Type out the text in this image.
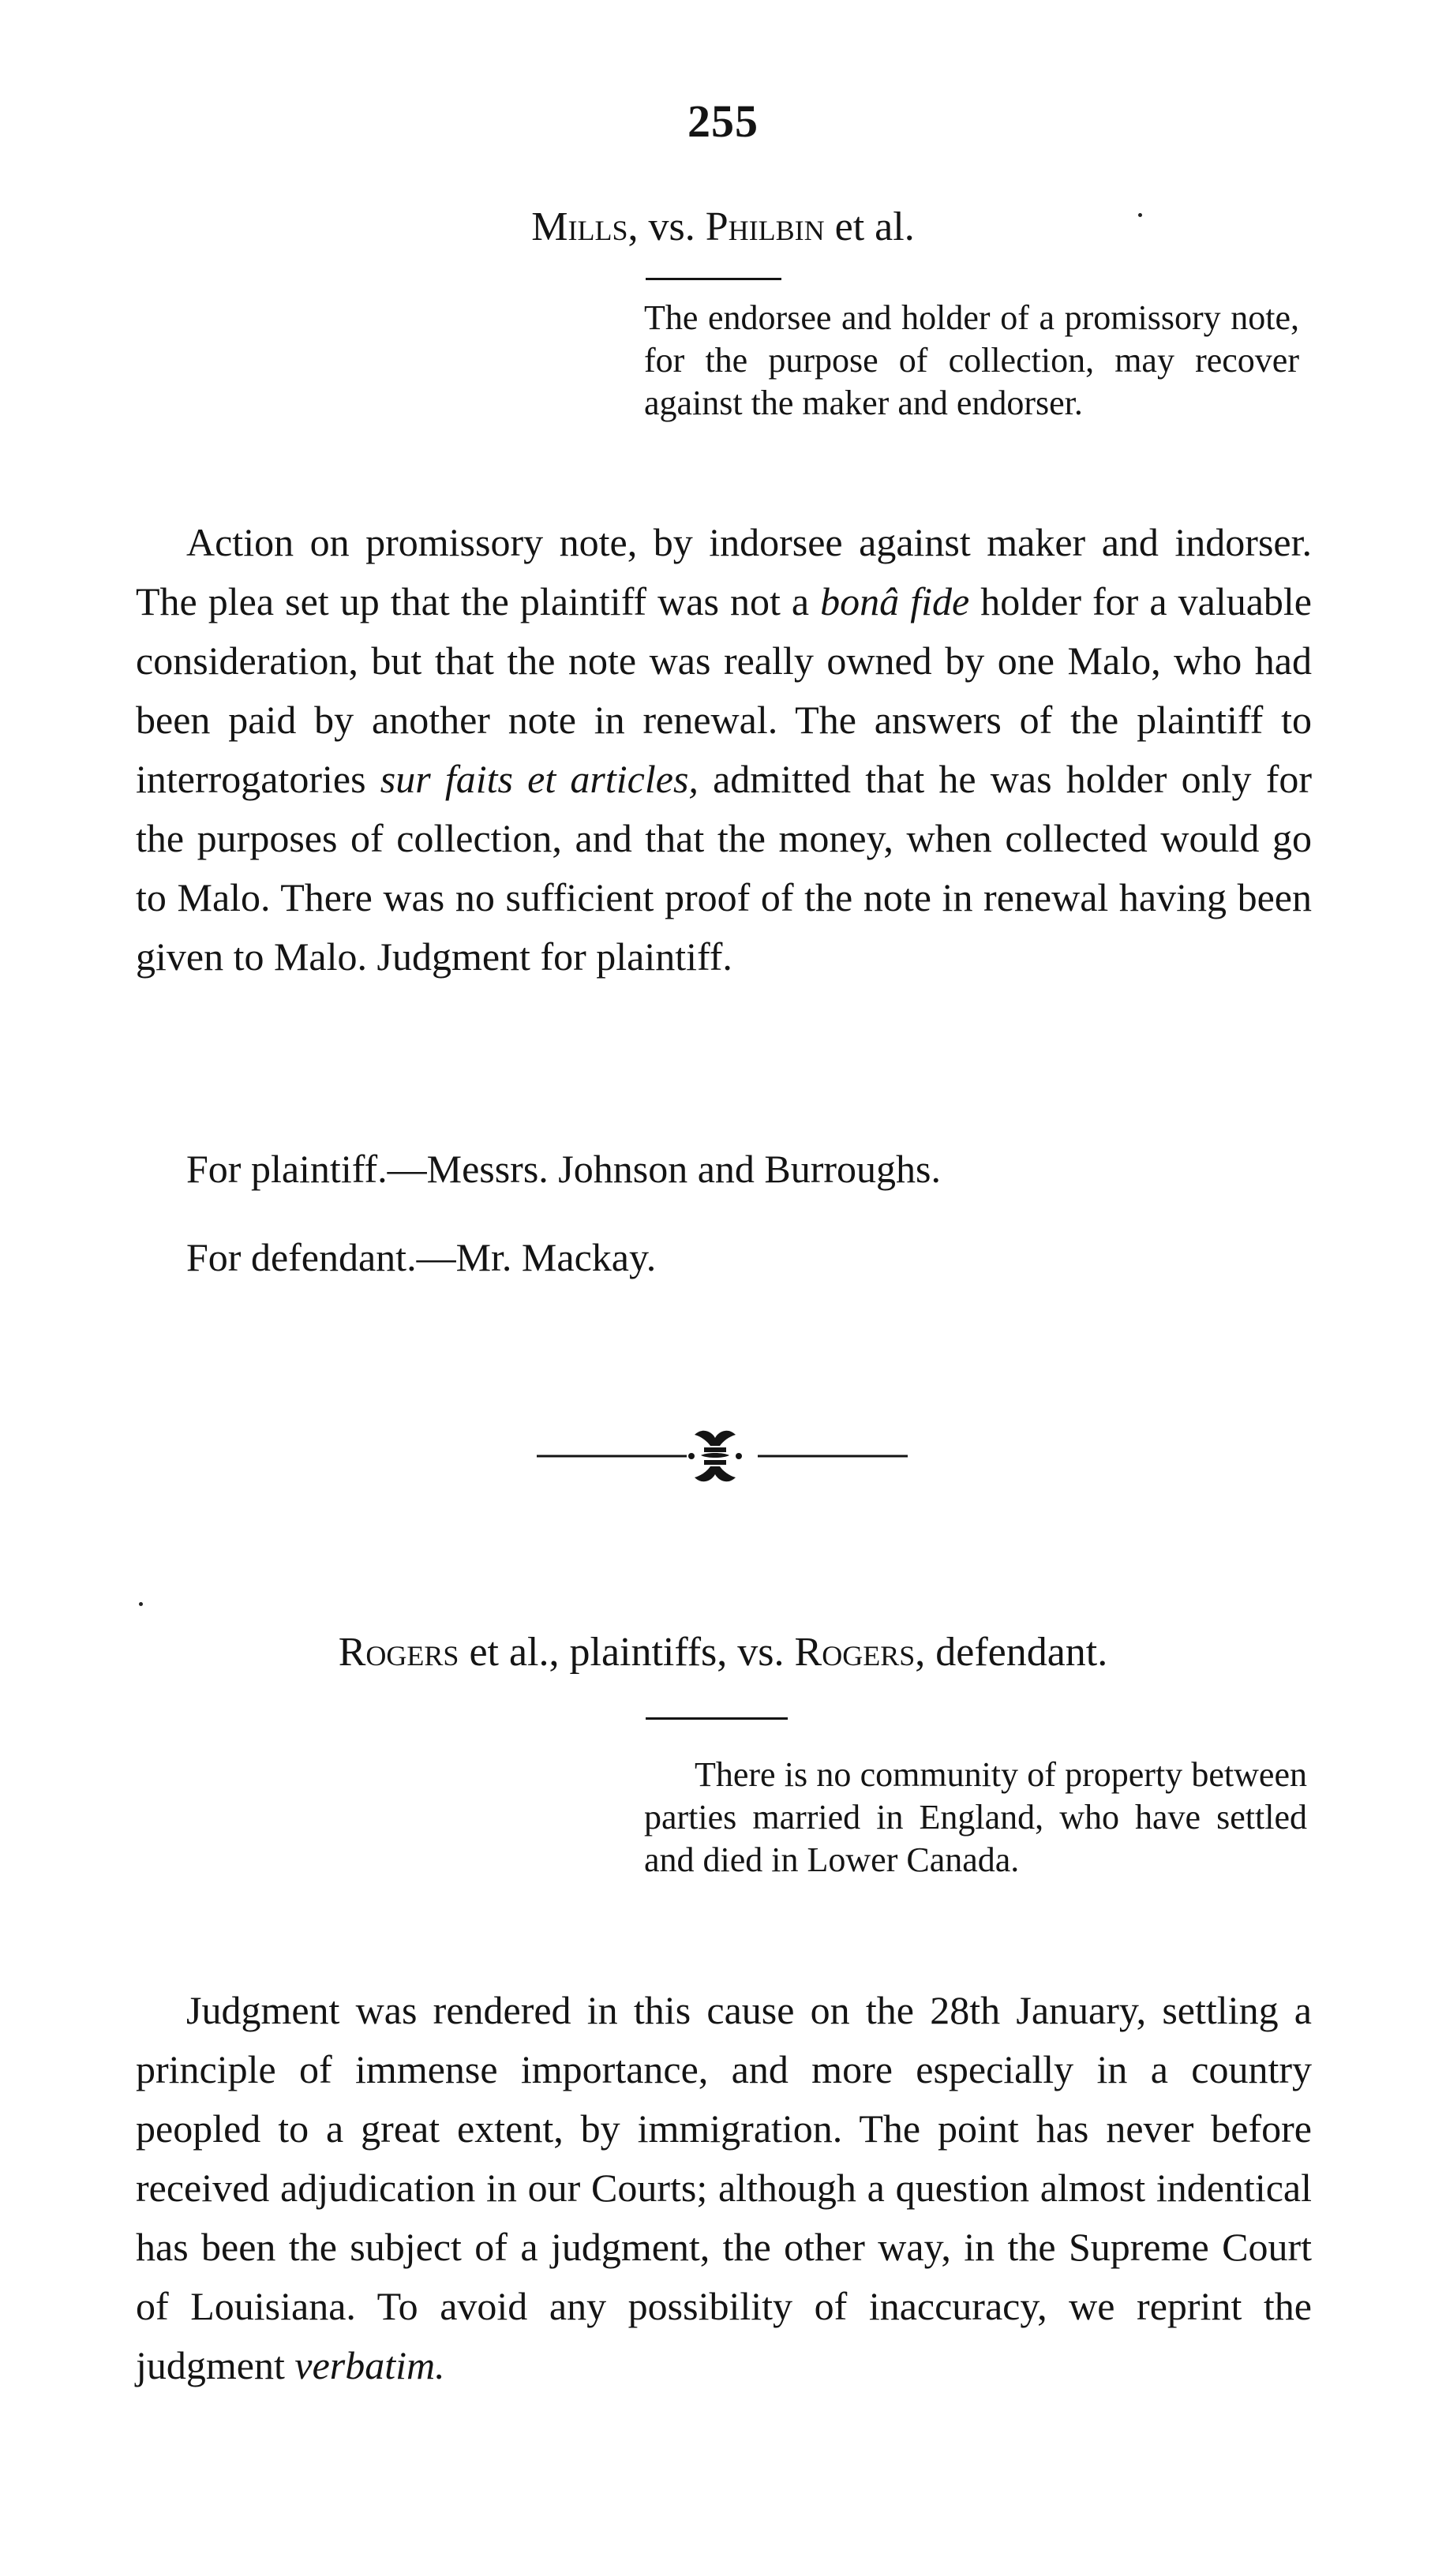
255
Mills, vs. Philbin et al.
The endorsee and holder of a promissory note, for the purpose of collection, may recover against the maker and endorser.

Action on promissory note, by indorsee against maker and indorser. The plea set up that the plaintiff was not a bonâ fide holder for a valuable consideration, but that the note was really owned by one Malo, who had been paid by another note in renewal. The answers of the plaintiff to interrogatories sur faits et articles, admitted that he was holder only for the purposes of collection, and that the money, when collected would go to Malo. There was no sufficient proof of the note in renewal having been given to Malo. Judgment for plaintiff.

For plaintiff.—Messrs. Johnson and Burroughs.
For defendant.—Mr. Mackay.
Rogers et al., plaintiffs, vs. Rogers, defendant.
There is no community of property between parties married in England, who have settled and died in Lower Canada.

Judgment was rendered in this cause on the 28th January, settling a principle of immense importance, and more especially in a country peopled to a great extent, by immigration. The point has never before received adjudication in our Courts; although a question almost indentical has been the subject of a judgment, the other way, in the Supreme Court of Louisiana. To avoid any possibility of inaccuracy, we reprint the judgment verbatim.
